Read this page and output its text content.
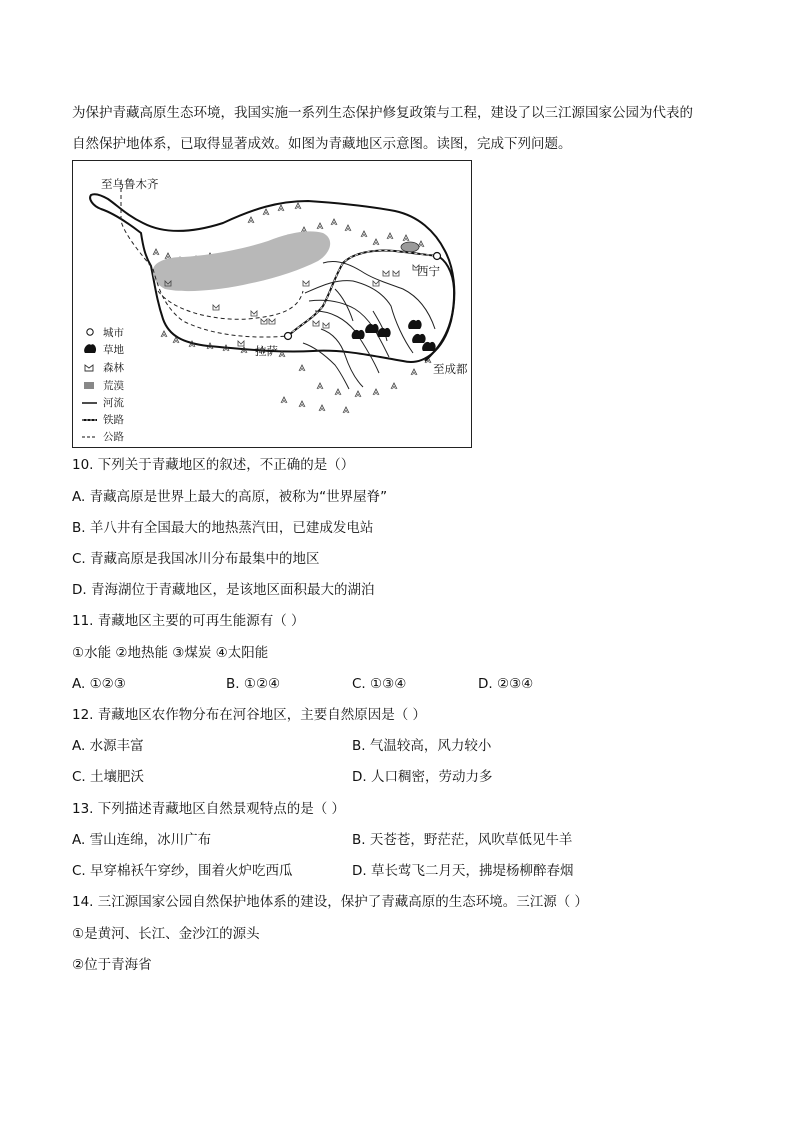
为保护青藏高原生态环境，我国实施一系列生态保护修复政策与工程，建设了以三江源国家公园为代表的
自然保护地体系，已取得显著成效。如图为青藏地区示意图。读图，完成下列问题。
至乌鲁木齐
西宁
拉萨
至成都
城市
草地
森林
荒漠
河流
铁路
公路
10. 下列关于青藏地区的叙述，不正确的是（）
A. 青藏高原是世界上最大的高原，被称为“世界屋脊”
B. 羊八井有全国最大的地热蒸汽田，已建成发电站
C. 青藏高原是我国冰川分布最集中的地区
D. 青海湖位于青藏地区，是该地区面积最大的湖泊
11. 青藏地区主要的可再生能源有（ ）
①水能 ②地热能 ③煤炭 ④太阳能
A. ①②③	B. ①②④	C. ①③④	D. ②③④
12. 青藏地区农作物分布在河谷地区，主要自然原因是（ ）
A. 水源丰富	B. 气温较高，风力较小
C. 土壤肥沃	D. 人口稠密，劳动力多
13. 下列描述青藏地区自然景观特点的是（ ）
A. 雪山连绵，冰川广布	B. 天苍苍，野茫茫，风吹草低见牛羊
C. 早穿棉袄午穿纱，围着火炉吃西瓜	D. 草长莺飞二月天，拂堤杨柳醉春烟
14. 三江源国家公园自然保护地体系的建设，保护了青藏高原的生态环境。三江源（ ）
①是黄河、长江、金沙江的源头
②位于青海省
